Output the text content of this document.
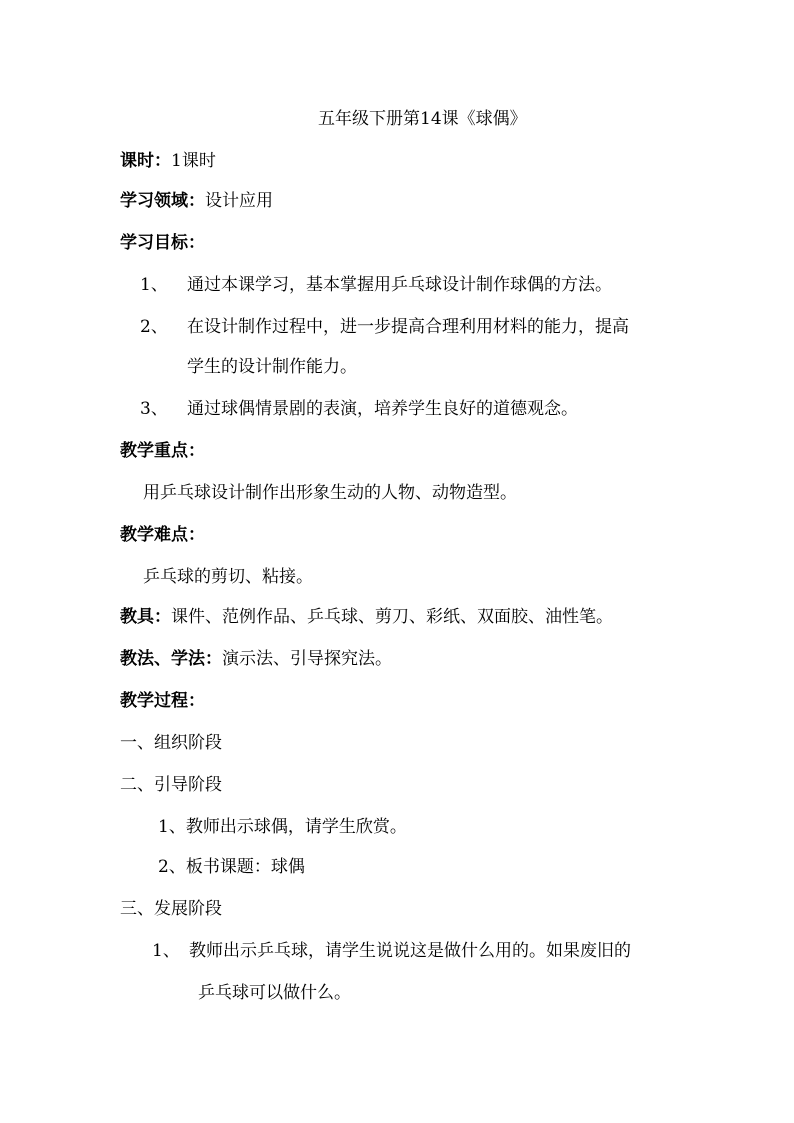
五年级下册第14课《球偶》
课时：1课时
学习领域：设计应用
学习目标：
1、 通过本课学习，基本掌握用乒乓球设计制作球偶的方法。
2、 在设计制作过程中，进一步提高合理利用材料的能力，提高
学生的设计制作能力。
3、 通过球偶情景剧的表演，培养学生良好的道德观念。
教学重点：
用乒乓球设计制作出形象生动的人物、动物造型。
教学难点：
乒乓球的剪切、粘接。
教具：课件、范例作品、乒乓球、剪刀、彩纸、双面胶、油性笔。
教法、学法：演示法、引导探究法。
教学过程：
一、组织阶段
二、引导阶段
1、教师出示球偶，请学生欣赏。
2、板书课题：球偶
三、发展阶段
1、 教师出示乒乓球，请学生说说这是做什么用的。如果废旧的
乒乓球可以做什么。
